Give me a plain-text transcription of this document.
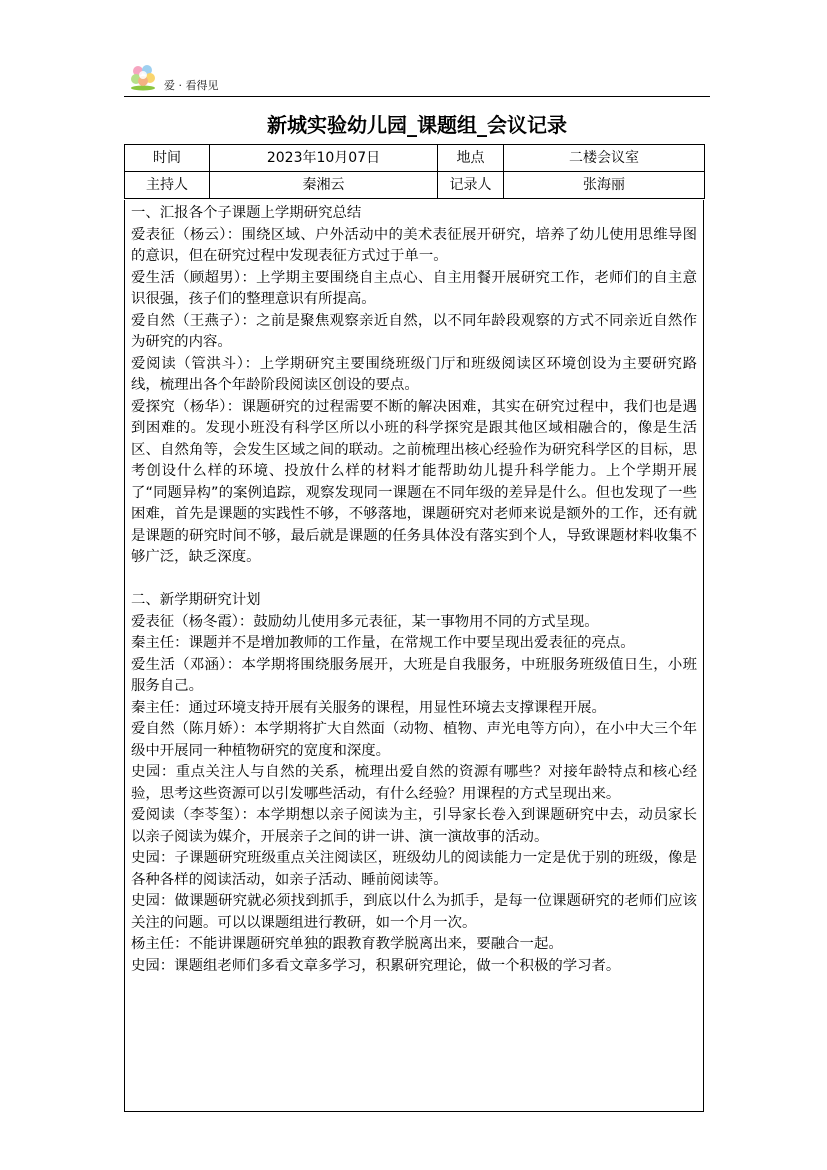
爱 · 看得见
新城实验幼儿园_课题组_会议记录
时间	2023年10月07日	地点	二楼会议室
主持人	秦湘云	记录人	张海丽

一、汇报各个子课题上学期研究总结

爱表征（杨云）：围绕区域、户外活动中的美术表征展开研究，培养了幼儿使用思维导图的意识，但在研究过程中发现表征方式过于单一。

爱生活（顾超男）：上学期主要围绕自主点心、自主用餐开展研究工作，老师们的自主意识很强，孩子们的整理意识有所提高。

爱自然（王燕子）：之前是聚焦观察亲近自然，以不同年龄段观察的方式不同亲近自然作为研究的内容。

爱阅读（管洪斗）：上学期研究主要围绕班级门厅和班级阅读区环境创设为主要研究路线，梳理出各个年龄阶段阅读区创设的要点。

爱探究（杨华）：课题研究的过程需要不断的解决困难，其实在研究过程中，我们也是遇到困难的。发现小班没有科学区所以小班的科学探究是跟其他区域相融合的，像是生活区、自然角等，会发生区域之间的联动。之前梳理出核心经验作为研究科学区的目标，思考创设什么样的环境、投放什么样的材料才能帮助幼儿提升科学能力。上个学期开展了“同题异构”的案例追踪，观察发现同一课题在不同年级的差异是什么。但也发现了一些困难，首先是课题的实践性不够，不够落地，课题研究对老师来说是额外的工作，还有就是课题的研究时间不够，最后就是课题的任务具体没有落实到个人，导致课题材料收集不够广泛，缺乏深度。

二、新学期研究计划

爱表征（杨冬霞）：鼓励幼儿使用多元表征，某一事物用不同的方式呈现。

秦主任：课题并不是增加教师的工作量，在常规工作中要呈现出爱表征的亮点。

爱生活（邓涵）：本学期将围绕服务展开，大班是自我服务，中班服务班级值日生，小班服务自己。

秦主任：通过环境支持开展有关服务的课程，用显性环境去支撑课程开展。

爱自然（陈月娇）：本学期将扩大自然面（动物、植物、声光电等方向），在小中大三个年级中开展同一种植物研究的宽度和深度。

史园：重点关注人与自然的关系，梳理出爱自然的资源有哪些？对接年龄特点和核心经验，思考这些资源可以引发哪些活动，有什么经验？用课程的方式呈现出来。

爱阅读（李苓玺）：本学期想以亲子阅读为主，引导家长卷入到课题研究中去，动员家长以亲子阅读为媒介，开展亲子之间的讲一讲、演一演故事的活动。

史园：子课题研究班级重点关注阅读区，班级幼儿的阅读能力一定是优于别的班级，像是各种各样的阅读活动，如亲子活动、睡前阅读等。

史园：做课题研究就必须找到抓手，到底以什么为抓手，是每一位课题研究的老师们应该关注的问题。可以以课题组进行教研，如一个月一次。

杨主任：不能讲课题研究单独的跟教育教学脱离出来，要融合一起。

史园：课题组老师们多看文章多学习，积累研究理论，做一个积极的学习者。
